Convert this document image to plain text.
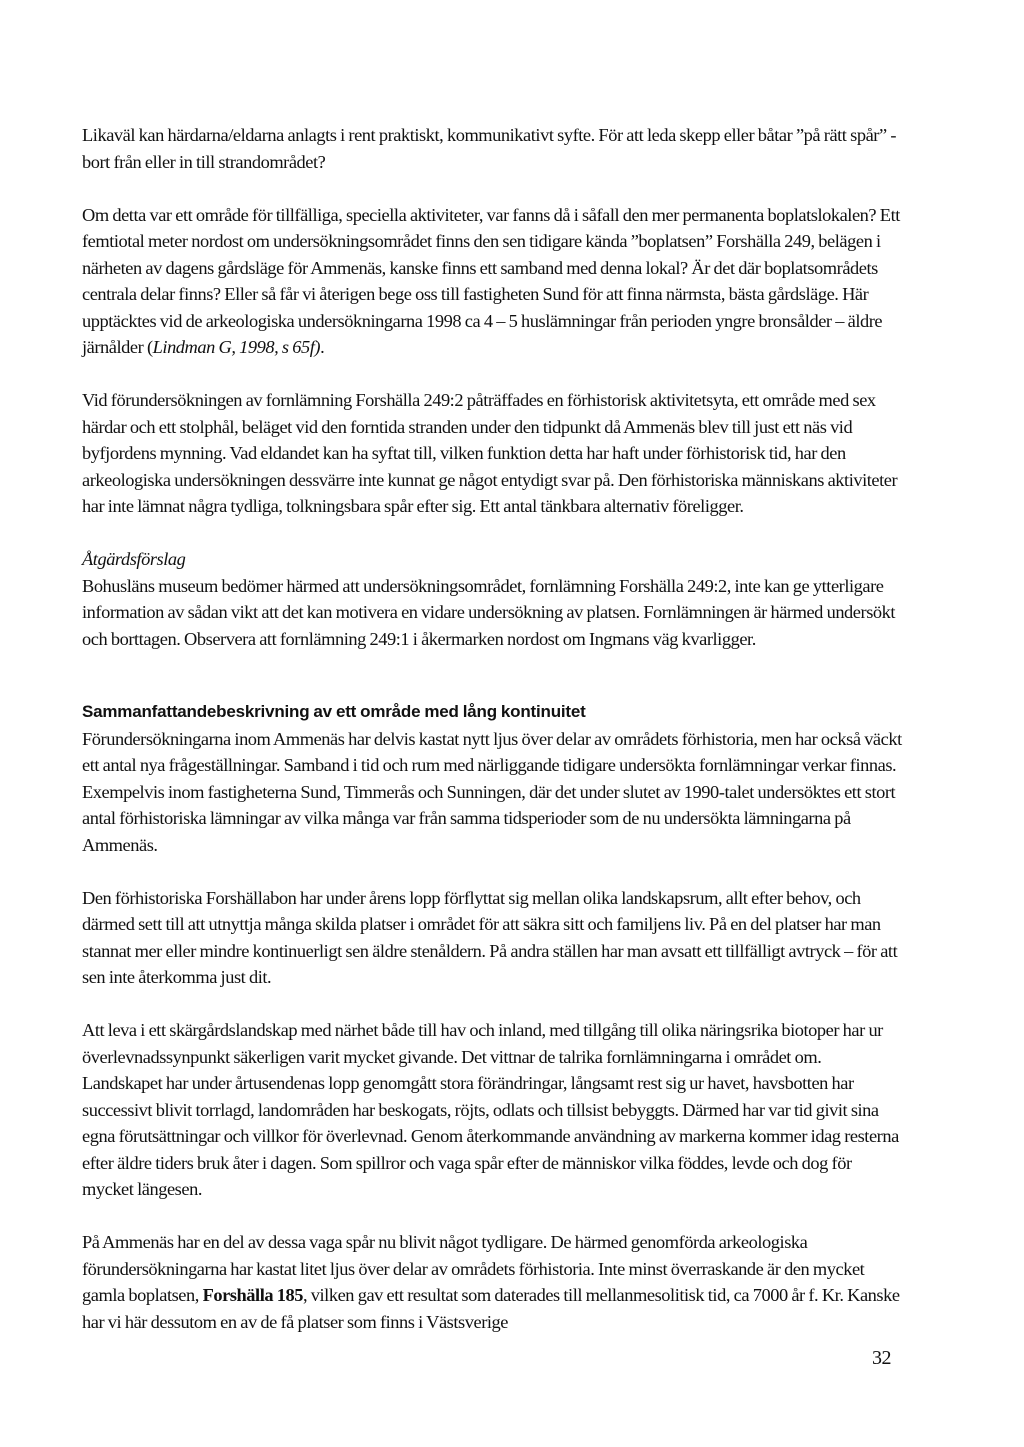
Likaväl kan härdarna/eldarna anlagts i rent praktiskt, kommunikativt syfte. För att leda skepp eller båtar ”på rätt spår” - bort från eller in till strandområdet?

Om detta var ett område för tillfälliga, speciella aktiviteter, var fanns då i såfall den mer permanenta boplatslokalen? Ett femtiotal meter nordost om undersökningsområdet finns den sen tidigare kända ”boplatsen” Forshälla 249, belägen i närheten av dagens gårdsläge för Ammenäs, kanske finns ett samband med denna lokal? Är det där boplatsområdets centrala delar finns? Eller så får vi återigen bege oss till fastigheten Sund för att finna närmsta, bästa gårdsläge. Här upptäcktes vid de arkeologiska undersökningarna 1998 ca 4 – 5 huslämningar från perioden yngre bronsålder – äldre järnålder (Lindman G, 1998, s 65f).

Vid förundersökningen av fornlämning Forshälla 249:2 påträffades en förhistorisk aktivitetsyta, ett område med sex härdar och ett stolphål, beläget vid den forntida stranden under den tidpunkt då Ammenäs blev till just ett näs vid byfjordens mynning. Vad eldandet kan ha syftat till, vilken funktion detta har haft under förhistorisk tid, har den arkeologiska undersökningen dessvärre inte kunnat ge något entydigt svar på. Den förhistoriska människans aktiviteter har inte lämnat några tydliga, tolkningsbara spår efter sig. Ett antal tänkbara alternativ föreligger.

Åtgärdsförslag

Bohusläns museum bedömer härmed att undersökningsområdet, fornlämning Forshälla 249:2, inte kan ge ytterligare information av sådan vikt att det kan motivera en vidare undersökning av platsen. Fornlämningen är härmed undersökt och borttagen. Observera att fornlämning 249:1 i åkermarken nordost om Ingmans väg kvarligger.

Sammanfattandebeskrivning av ett område med lång kontinuitet

Förundersökningarna inom Ammenäs har delvis kastat nytt ljus över delar av områdets förhistoria, men har också väckt ett antal nya frågeställningar. Samband i tid och rum med närliggande tidigare undersökta fornlämningar verkar finnas. Exempelvis inom fastigheterna Sund, Timmerås och Sunningen, där det under slutet av 1990-talet undersöktes ett stort antal förhistoriska lämningar av vilka många var från samma tidsperioder som de nu undersökta lämningarna på Ammenäs.

Den förhistoriska Forshällabon har under årens lopp förflyttat sig mellan olika landskapsrum, allt efter behov, och därmed sett till att utnyttja många skilda platser i området för att säkra sitt och familjens liv. På en del platser har man stannat mer eller mindre kontinuerligt sen äldre stenåldern. På andra ställen har man avsatt ett tillfälligt avtryck – för att sen inte återkomma just dit.

Att leva i ett skärgårdslandskap med närhet både till hav och inland, med tillgång till olika näringsrika biotoper har ur överlevnadssynpunkt säkerligen varit mycket givande. Det vittnar de talrika fornlämningarna i området om. Landskapet har under årtusendenas lopp genomgått stora förändringar, långsamt rest sig ur havet, havsbotten har successivt blivit torrlagd, landområden har beskogats, röjts, odlats och tillsist bebyggts. Därmed har var tid givit sina egna förutsättningar och villkor för överlevnad. Genom återkommande användning av markerna kommer idag resterna efter äldre tiders bruk åter i dagen. Som spillror och vaga spår efter de människor vilka föddes, levde och dog för mycket längesen.

På Ammenäs har en del av dessa vaga spår nu blivit något tydligare. De härmed genomförda arkeologiska förundersökningarna har kastat litet ljus över delar av områdets förhistoria. Inte minst överraskande är den mycket gamla boplatsen, Forshälla 185, vilken gav ett resultat som daterades till mellanmesolitisk tid, ca 7000 år f. Kr. Kanske har vi här dessutom en av de få platser som finns i Västsverige

32
